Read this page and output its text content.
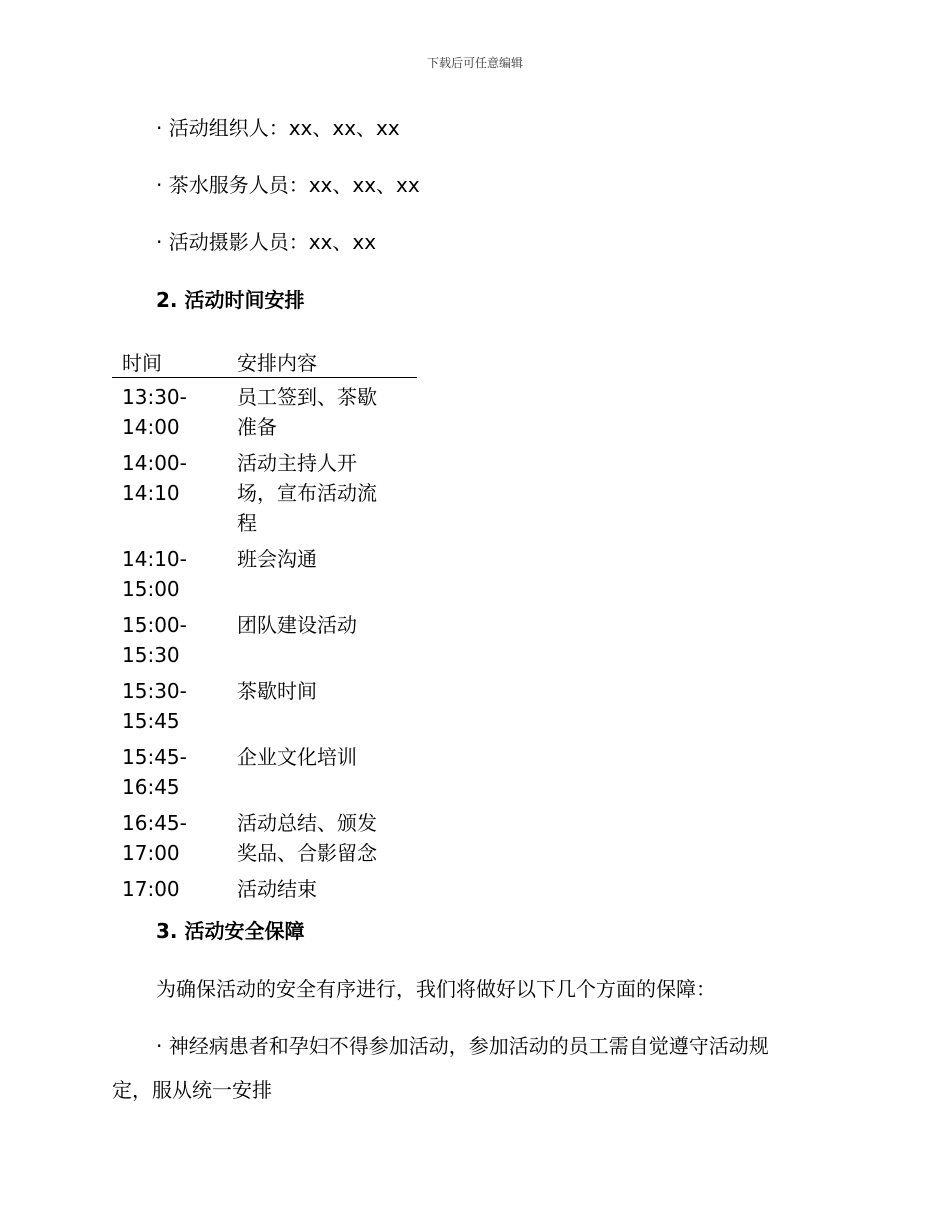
下载后可任意编辑
· 活动组织人：xx、xx、xx
· 茶水服务人员：xx、xx、xx
· 活动摄影人员：xx、xx
2. 活动时间安排
时间	安排内容
13:30-
14:00
员工签到、茶歇
准备
14:00-
14:10
活动主持人开
场，宣布活动流
程
14:10-
15:00
班会沟通
15:00-
15:30
团队建设活动
15:30-
15:45
茶歇时间
15:45-
16:45
企业文化培训
16:45-
17:00
活动总结、颁发
奖品、合影留念
17:00	活动结束
3. 活动安全保障
为确保活动的安全有序进行，我们将做好以下几个方面的保障：
· 神经病患者和孕妇不得参加活动，参加活动的员工需自觉遵守活动规
定，服从统一安排
